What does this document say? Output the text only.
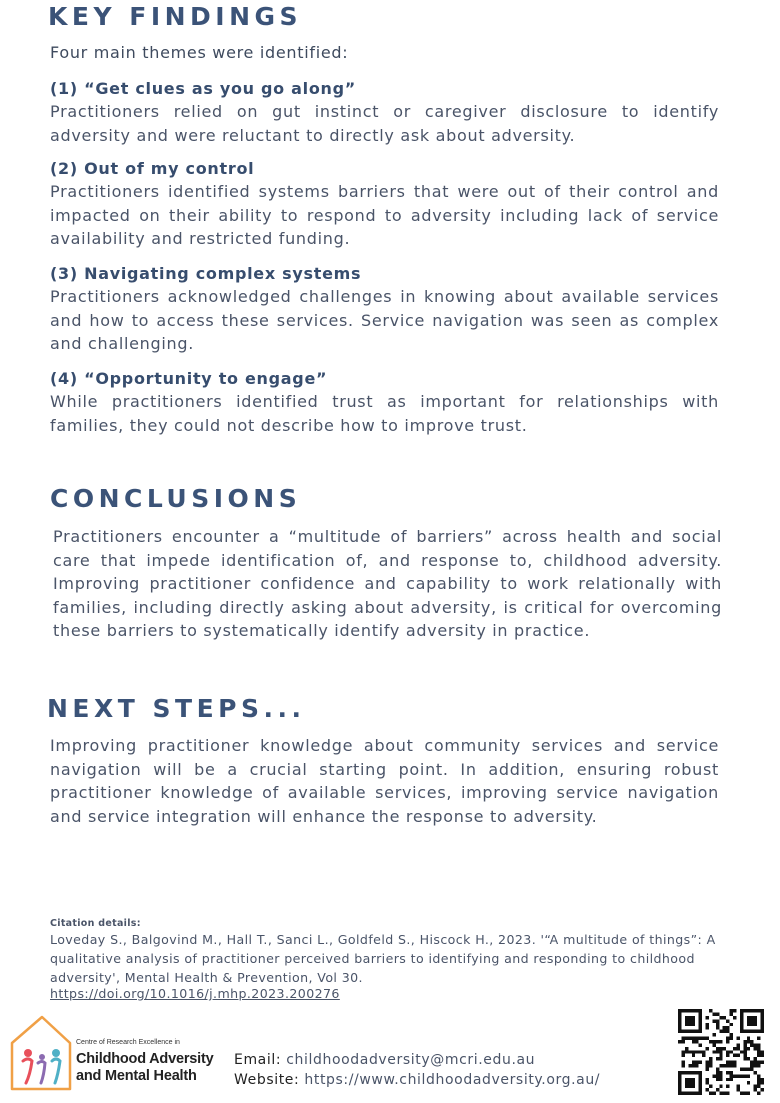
KEY FINDINGS
Four main themes were identified:
(1) “Get clues as you go along”
Practitioners relied on gut instinct or caregiver disclosure to identify adversity and were reluctant to directly ask about adversity.
(2) Out of my control
Practitioners identified systems barriers that were out of their control and impacted on their ability to respond to adversity including lack of service availability and restricted funding.
(3) Navigating complex systems
Practitioners acknowledged challenges in knowing about available services and how to access these services. Service navigation was seen as complex and challenging.
(4) “Opportunity to engage”
While practitioners identified trust as important for relationships with families, they could not describe how to improve trust.
CONCLUSIONS
Practitioners encounter a “multitude of barriers” across health and social care that impede identification of, and response to, childhood adversity. Improving practitioner confidence and capability to work relationally with families, including directly asking about adversity, is critical for overcoming these barriers to systematically identify adversity in practice.
NEXT STEPS...
Improving practitioner knowledge about community services and service navigation will be a crucial starting point. In addition, ensuring robust practitioner knowledge of available services, improving service navigation and service integration will enhance the response to adversity.
Citation details:
Loveday S., Balgovind M., Hall T., Sanci L., Goldfeld S., Hiscock H., 2023. '“A multitude of things”: A qualitative analysis of practitioner perceived barriers to identifying and responding to childhood adversity', Mental Health & Prevention, Vol 30.
https://doi.org/10.1016/j.mhp.2023.200276
Centre of Research Excellence in
Childhood Adversity
and Mental Health
Email: childhoodadversity@mcri.edu.au
Website: https://www.childhoodadversity.org.au/
